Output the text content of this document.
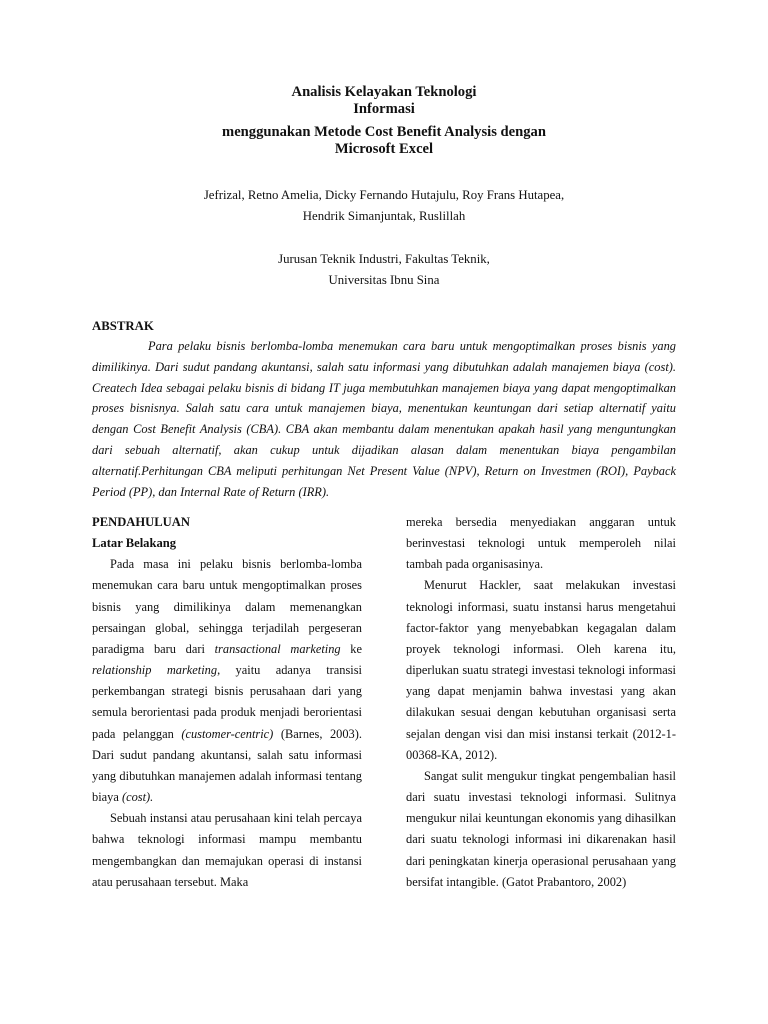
Analisis Kelayakan Teknologi

Informasi

menggunakan Metode Cost Benefit Analysis dengan

Microsoft Excel

Jefrizal, Retno Amelia, Dicky Fernando Hutajulu, Roy Frans Hutapea,
Hendrik Simanjuntak, Ruslillah
Jurusan Teknik Industri, Fakultas Teknik,
Universitas Ibnu Sina

ABSTRAK

Para pelaku bisnis berlomba-lomba menemukan cara baru untuk mengoptimalkan proses bisnis yang dimilikinya. Dari sudut pandang akuntansi, salah satu informasi yang dibutuhkan adalah manajemen biaya (cost). Createch Idea sebagai pelaku bisnis di bidang IT juga membutuhkan manajemen biaya yang dapat mengoptimalkan proses bisnisnya. Salah satu cara untuk manajemen biaya, menentukan keuntungan dari setiap alternatif yaitu dengan Cost Benefit Analysis (CBA). CBA akan membantu dalam menentukan apakah hasil yang menguntungkan dari sebuah alternatif, akan cukup untuk dijadikan alasan dalam menentukan biaya pengambilan alternatif.Perhitungan CBA meliputi perhitungan Net Present Value (NPV), Return on Investmen (ROI), Payback Period (PP), dan Internal Rate of Return (IRR).

PENDAHULUAN

Latar Belakang

Pada masa ini pelaku bisnis berlomba-lomba menemukan cara baru untuk mengoptimalkan proses bisnis yang dimilikinya dalam memenangkan persaingan global, sehingga terjadilah pergeseran paradigma baru dari transactional marketing ke relationship marketing, yaitu adanya transisi perkembangan strategi bisnis perusahaan dari yang semula berorientasi pada produk menjadi berorientasi pada pelanggan (customer-centric) (Barnes, 2003). Dari sudut pandang akuntansi, salah satu informasi yang dibutuhkan manajemen adalah informasi tentang biaya (cost).

Sebuah instansi atau perusahaan kini telah percaya bahwa teknologi informasi mampu membantu mengembangkan dan memajukan operasi di instansi atau perusahaan tersebut. Maka

mereka bersedia menyediakan anggaran untuk berinvestasi teknologi untuk memperoleh nilai tambah pada organisasinya.

Menurut Hackler, saat melakukan investasi teknologi informasi, suatu instansi harus mengetahui factor-faktor yang menyebabkan kegagalan dalam proyek teknologi informasi. Oleh karena itu, diperlukan suatu strategi investasi teknologi informasi yang dapat menjamin bahwa investasi yang akan dilakukan sesuai dengan kebutuhan organisasi serta sejalan dengan visi dan misi instansi terkait (2012-1-00368-KA, 2012).

Sangat sulit mengukur tingkat pengembalian hasil dari suatu investasi teknologi informasi. Sulitnya mengukur nilai keuntungan ekonomis yang dihasilkan dari suatu teknologi informasi ini dikarenakan hasil dari peningkatan kinerja operasional perusahaan yang bersifat intangible. (Gatot Prabantoro, 2002)
